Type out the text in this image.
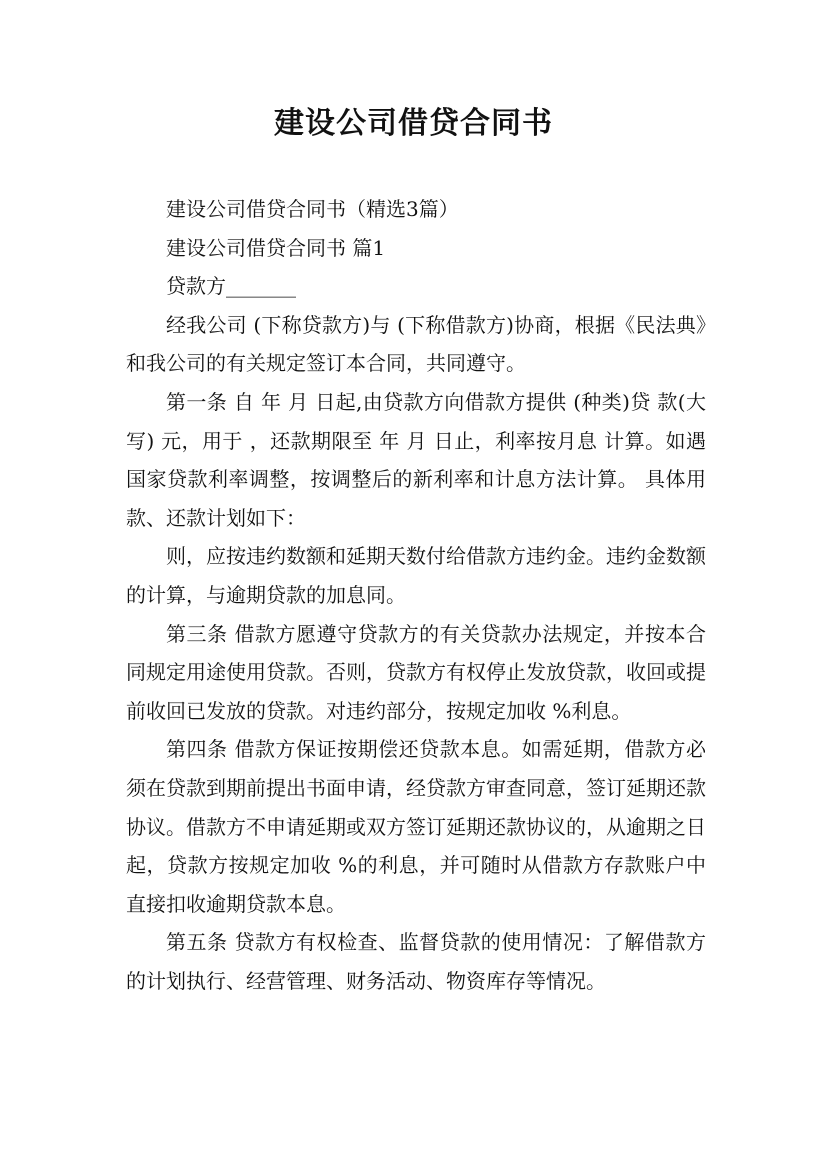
建设公司借贷合同书

建设公司借贷合同书（精选3篇）

建设公司借贷合同书 篇1

贷款方_______

经我公司 (下称贷款方)与 (下称借款方)协商，根据《民法典》和我公司的有关规定签订本合同，共同遵守。

第一条 自 年 月 日起,由贷款方向借款方提供 (种类)贷 款(大写) 元，用于 ，还款期限至 年 月 日止，利率按月息 计算。如遇国家贷款利率调整，按调整后的新利率和计息方法计算。 具体用款、还款计划如下：

则，应按违约数额和延期天数付给借款方违约金。违约金数额的计算，与逾期贷款的加息同。

第三条 借款方愿遵守贷款方的有关贷款办法规定，并按本合同规定用途使用贷款。否则，贷款方有权停止发放贷款，收回或提前收回已发放的贷款。对违约部分，按规定加收 %利息。

第四条 借款方保证按期偿还贷款本息。如需延期，借款方必须在贷款到期前提出书面申请，经贷款方审查同意，签订延期还款协议。借款方不申请延期或双方签订延期还款协议的，从逾期之日起，贷款方按规定加收 %的利息，并可随时从借款方存款账户中直接扣收逾期贷款本息。

第五条 贷款方有权检查、监督贷款的使用情况：了解借款方的计划执行、经营管理、财务活动、物资库存等情况。
